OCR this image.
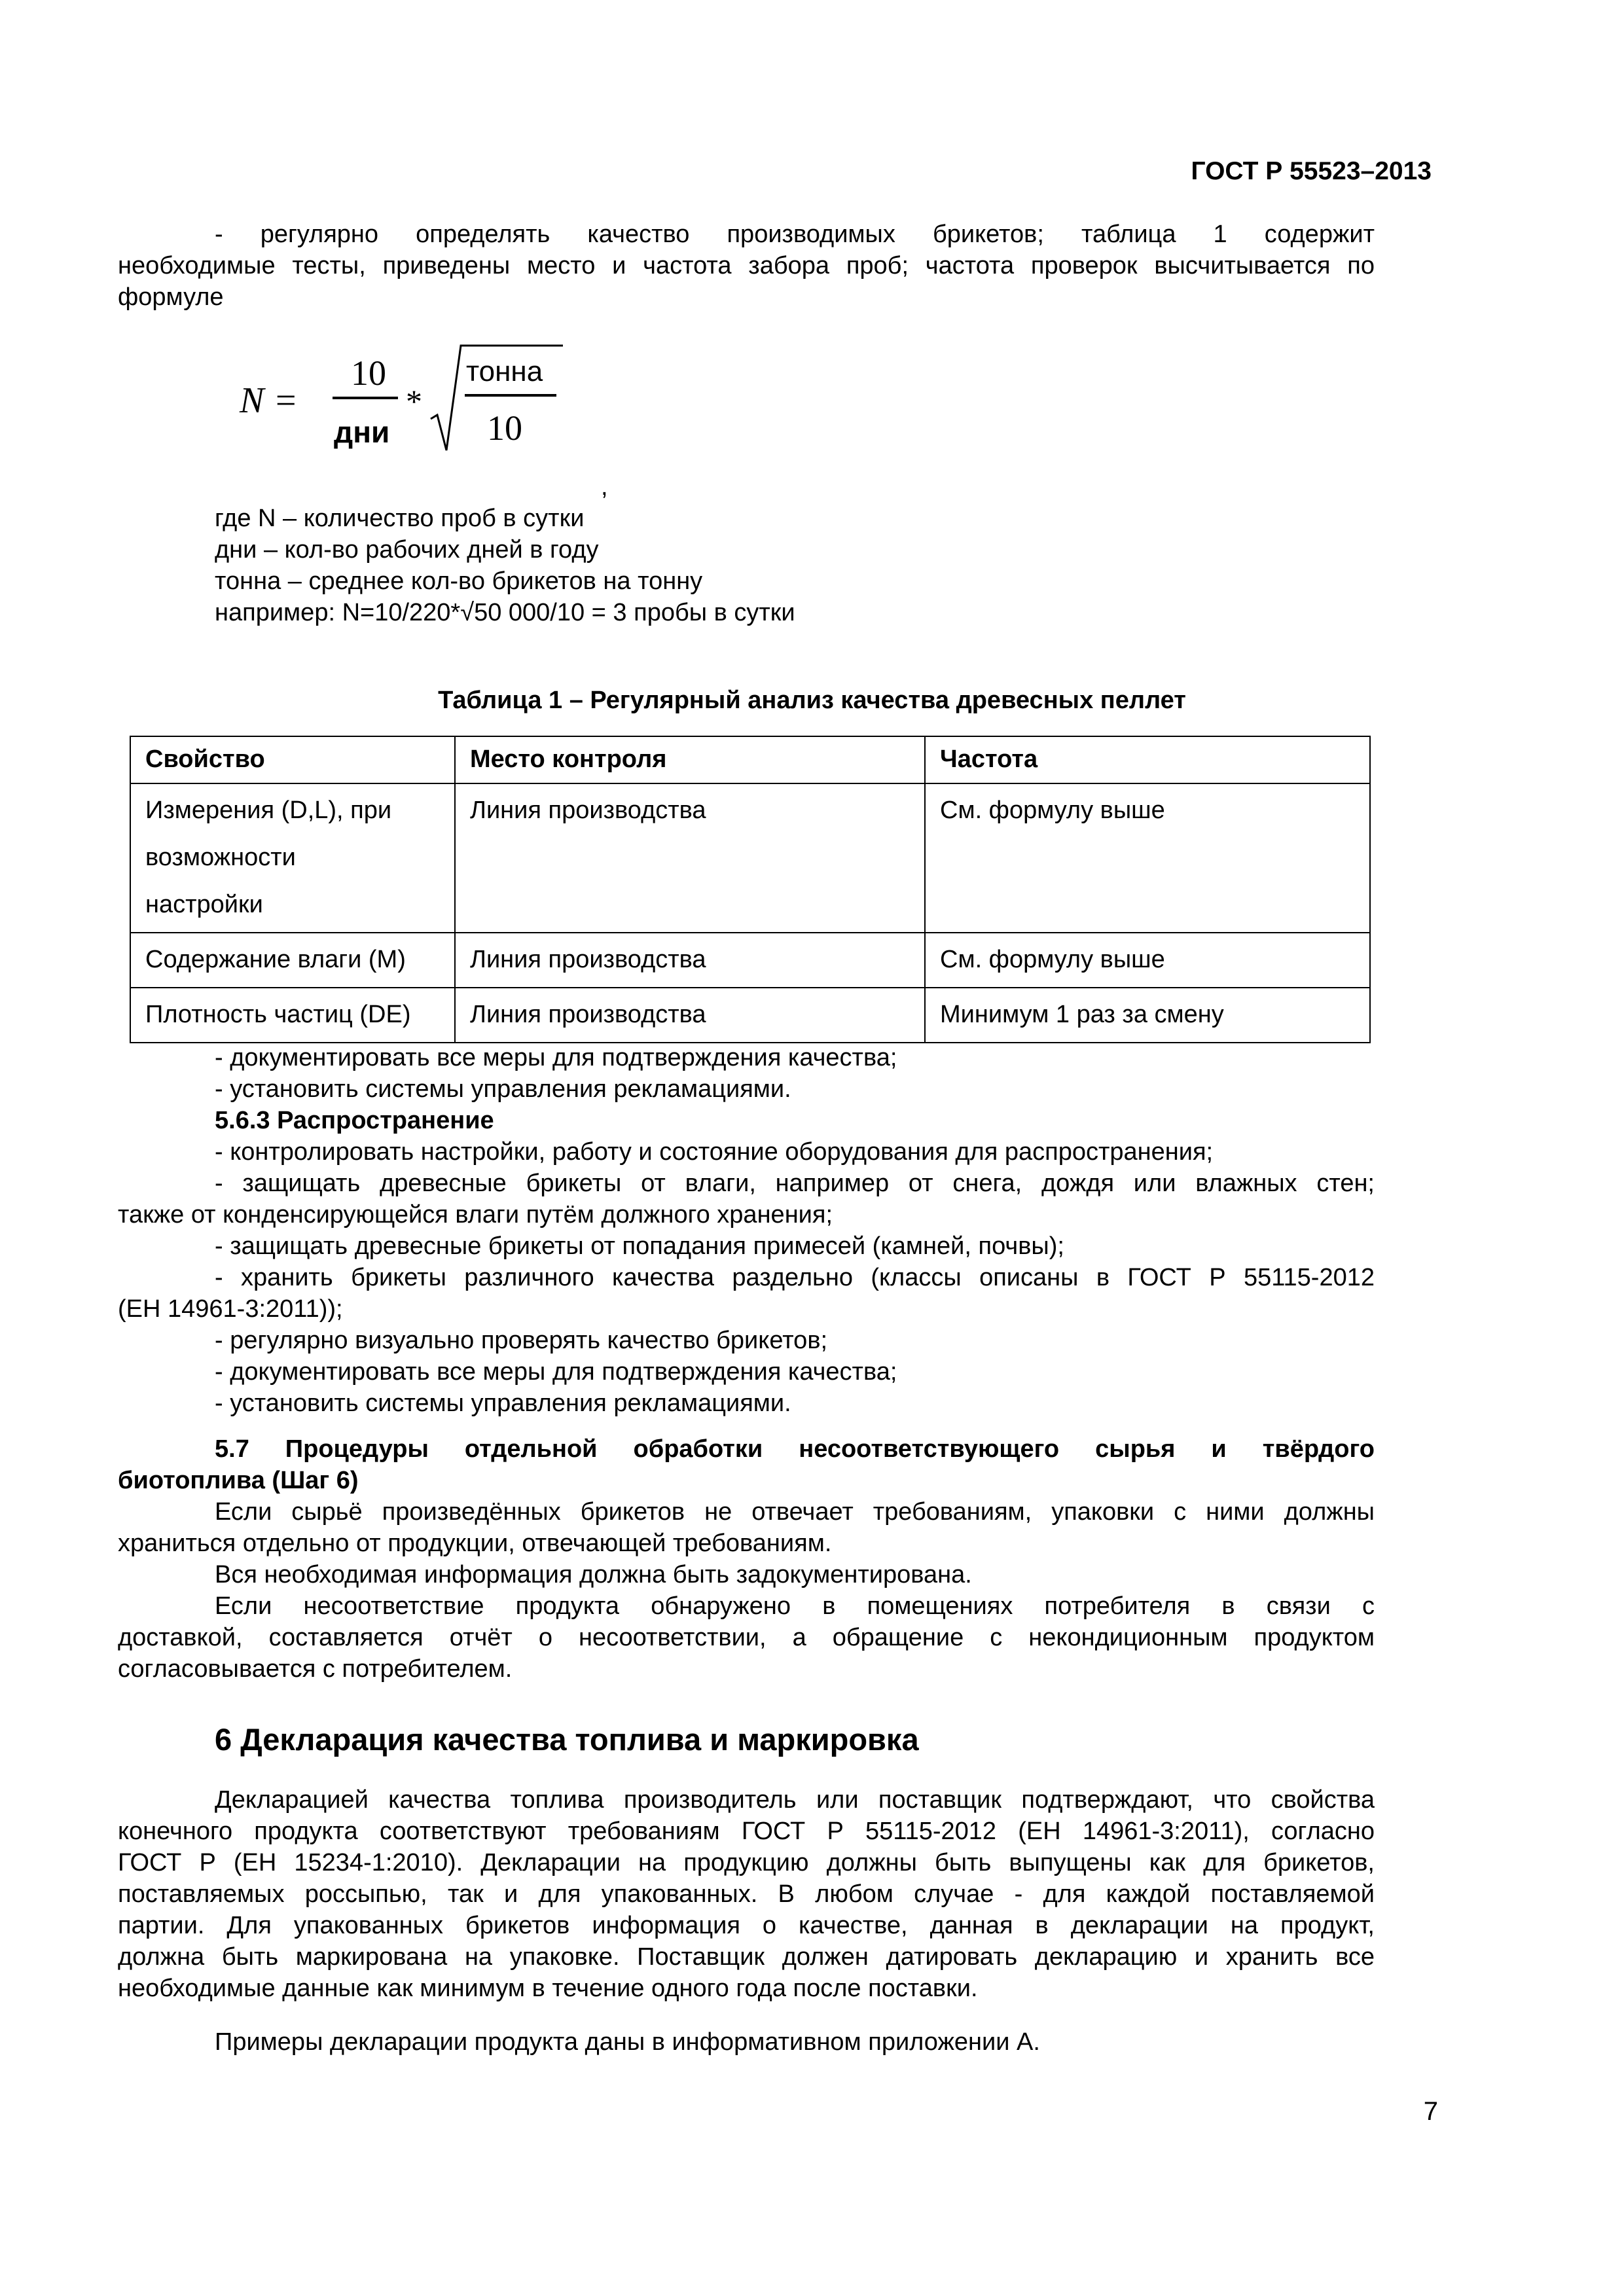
ГОСТ Р 55523–2013
- регулярно определять качество производимых брикетов; таблица 1 содержит
необходимые тесты, приведены место и частота забора проб; частота проверок высчитывается по
формуле
N =
10
дни
*
тонна
10
,
где N – количество проб в сутки
дни – кол-во рабочих дней в году
тонна – среднее кол-во брикетов на тонну
например: N=10/220*√50 000/10 = 3 пробы в сутки
Таблица 1 – Регулярный анализ качества древесных пеллет
Свойство	Место контроля	Частота
Измерения (D,L), при
возможности
настройки	Линия производства	См. формулу выше
Содержание влаги (M)	Линия производства	См. формулу выше
Плотность частиц (DE)	Линия производства	Минимум 1 раз за смену
- документировать все меры для подтверждения качества;
- установить системы управления рекламациями.
5.6.3 Распространение
- контролировать настройки, работу и состояние оборудования для распространения;
- защищать древесные брикеты от влаги, например от снега, дождя или влажных стен;
также от конденсирующейся влаги путём должного хранения;
- защищать древесные брикеты от попадания примесей (камней, почвы);
- хранить брикеты различного качества раздельно (классы описаны в ГОСТ Р 55115-2012
(ЕН 14961-3:2011));
- регулярно визуально проверять качество брикетов;
- документировать все меры для подтверждения качества;
- установить системы управления рекламациями.
5.7 Процедуры отдельной обработки несоответствующего сырья и твёрдого
биотоплива (Шаг 6)
Если сырьё произведённых брикетов не отвечает требованиям, упаковки с ними должны
храниться отдельно от продукции, отвечающей требованиям.
Вся необходимая информация должна быть задокументирована.
Если несоответствие продукта обнаружено в помещениях потребителя в связи с
доставкой, составляется отчёт о несоответствии, а обращение с некондиционным продуктом
согласовывается с потребителем.
6 Декларация качества топлива и маркировка
Декларацией качества топлива производитель или поставщик подтверждают, что свойства
конечного продукта соответствуют требованиям ГОСТ Р 55115-2012 (ЕН 14961-3:2011), согласно
ГОСТ Р (ЕН 15234-1:2010). Декларации на продукцию должны быть выпущены как для брикетов,
поставляемых россыпью, так и для упакованных. В любом случае - для каждой поставляемой
партии. Для упакованных брикетов информация о качестве, данная в декларации на продукт,
должна быть маркирована на упаковке. Поставщик должен датировать декларацию и хранить все
необходимые данные как минимум в течение одного года после поставки.
Примеры декларации продукта даны в информативном приложении А.
7
